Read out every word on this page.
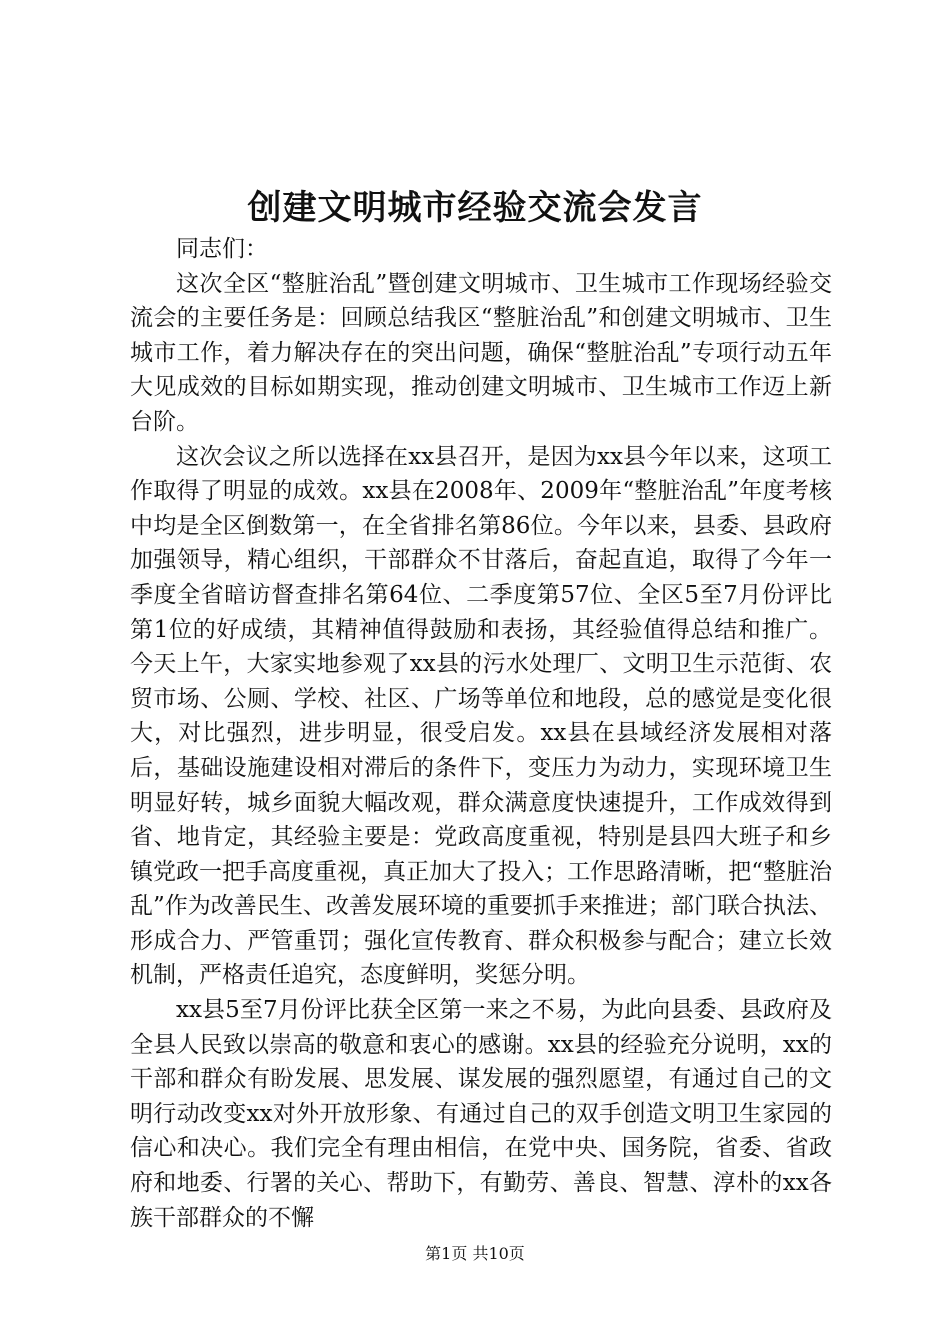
创建文明城市经验交流会发言

同志们：

这次全区“整脏治乱”暨创建文明城市、卫生城市工作现场经验交流会的主要任务是：回顾总结我区“整脏治乱”和创建文明城市、卫生城市工作，着力解决存在的突出问题，确保“整脏治乱”专项行动五年大见成效的目标如期实现，推动创建文明城市、卫生城市工作迈上新台阶。

这次会议之所以选择在xx县召开，是因为xx县今年以来，这项工作取得了明显的成效。xx县在2008年、2009年“整脏治乱”年度考核中均是全区倒数第一，在全省排名第86位。今年以来，县委、县政府加强领导，精心组织，干部群众不甘落后，奋起直追，取得了今年一季度全省暗访督查排名第64位、二季度第57位、全区5至7月份评比第1位的好成绩，其精神值得鼓励和表扬，其经验值得总结和推广。今天上午，大家实地参观了xx县的污水处理厂、文明卫生示范街、农贸市场、公厕、学校、社区、广场等单位和地段，总的感觉是变化很大，对比强烈，进步明显，很受启发。xx县在县域经济发展相对落后，基础设施建设相对滞后的条件下，变压力为动力，实现环境卫生明显好转，城乡面貌大幅改观，群众满意度快速提升，工作成效得到省、地肯定，其经验主要是：党政高度重视，特别是县四大班子和乡镇党政一把手高度重视，真正加大了投入；工作思路清晰，把“整脏治乱”作为改善民生、改善发展环境的重要抓手来推进；部门联合执法、形成合力、严管重罚；强化宣传教育、群众积极参与配合；建立长效机制，严格责任追究，态度鲜明，奖惩分明。

xx县5至7月份评比获全区第一来之不易，为此向县委、县政府及全县人民致以崇高的敬意和衷心的感谢。xx县的经验充分说明，xx的干部和群众有盼发展、思发展、谋发展的强烈愿望，有通过自己的文明行动改变xx对外开放形象、有通过自己的双手创造文明卫生家园的信心和决心。我们完全有理由相信，在党中央、国务院，省委、省政府和地委、行署的关心、帮助下，有勤劳、善良、智慧、淳朴的xx各族干部群众的不懈

第1页 共10页
